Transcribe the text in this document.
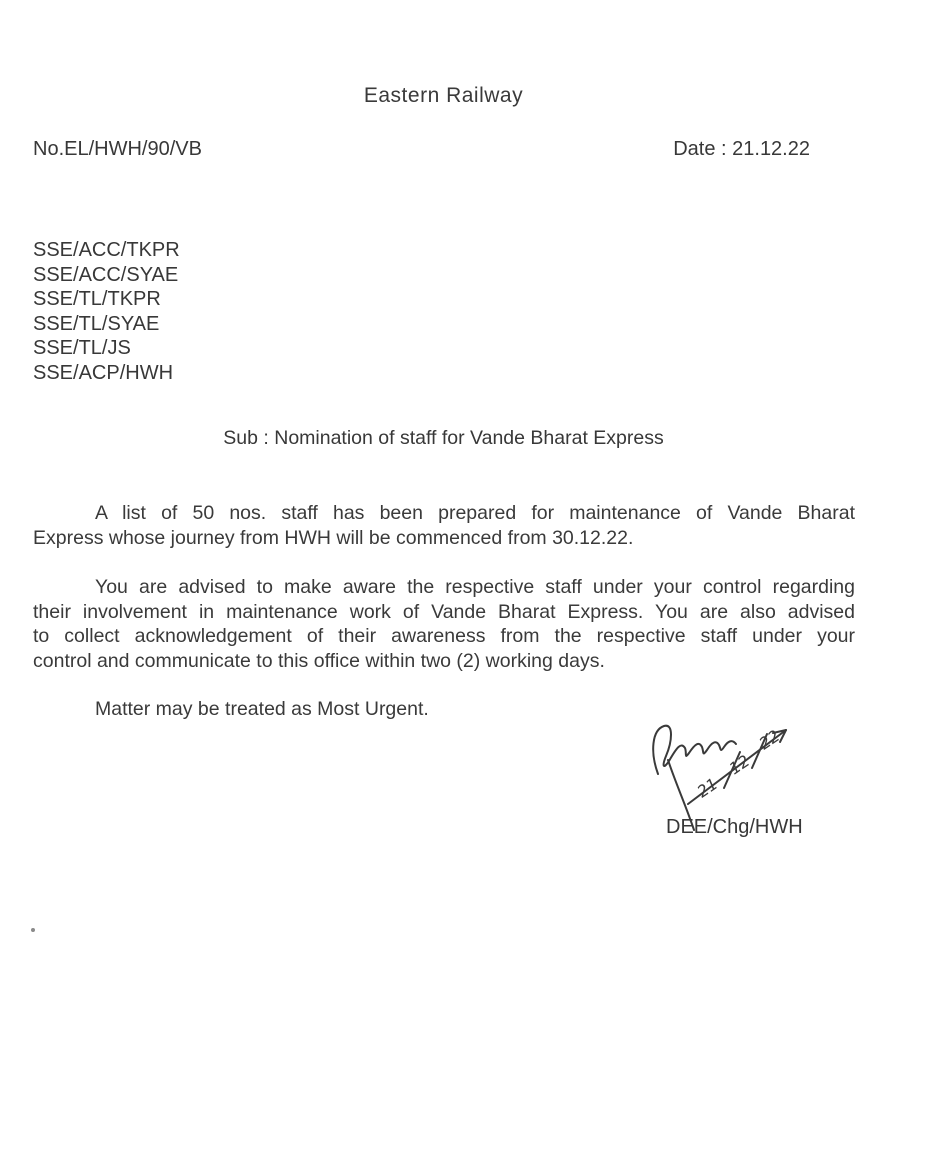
Eastern Railway
No.EL/HWH/90/VB	Date : 21.12.22
SSE/ACC/TKPR
SSE/ACC/SYAE
SSE/TL/TKPR
SSE/TL/SYAE
SSE/TL/JS
SSE/ACP/HWH
Sub : Nomination of staff for Vande Bharat Express
A list of 50 nos. staff has been prepared for maintenance of Vande Bharat
Express whose journey from HWH will be commenced from 30.12.22.
You are advised to make aware the respective staff under your control regarding
their involvement in maintenance work of Vande Bharat Express. You are also advised
to collect acknowledgement of their awareness from the respective staff under your
control and communicate to this office within two (2) working days.
Matter may be treated as Most Urgent.
21
12
22
DEE/Chg/HWH
